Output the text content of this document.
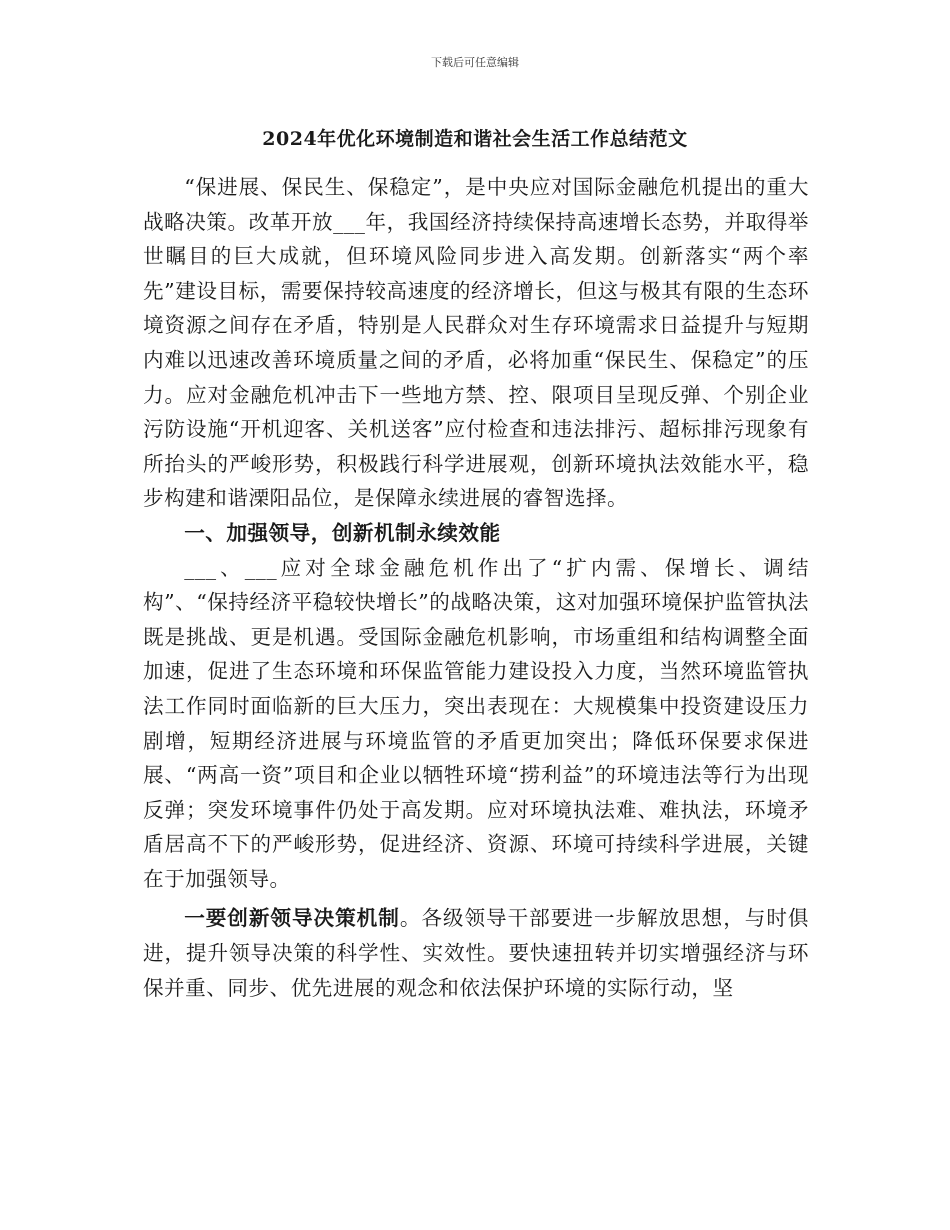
下载后可任意编辑
2024年优化环境制造和谐社会生活工作总结范文

“保进展、保民生、保稳定”，是中央应对国际金融危机提出的重大战略决策。改革开放___年，我国经济持续保持高速增长态势，并取得举世瞩目的巨大成就，但环境风险同步进入高发期。创新落实“两个率先”建设目标，需要保持较高速度的经济增长，但这与极其有限的生态环境资源之间存在矛盾，特别是人民群众对生存环境需求日益提升与短期内难以迅速改善环境质量之间的矛盾，必将加重“保民生、保稳定”的压力。应对金融危机冲击下一些地方禁、控、限项目呈现反弹、个别企业污防设施“开机迎客、关机送客”应付检查和违法排污、超标排污现象有所抬头的严峻形势，积极践行科学进展观，创新环境执法效能水平，稳步构建和谐溧阳品位，是保障永续进展的睿智选择。

一、加强领导，创新机制永续效能

___、___应对全球金融危机作出了“扩内需、保增长、调结构”、“保持经济平稳较快增长”的战略决策，这对加强环境保护监管执法既是挑战、更是机遇。受国际金融危机影响，市场重组和结构调整全面加速，促进了生态环境和环保监管能力建设投入力度，当然环境监管执法工作同时面临新的巨大压力，突出表现在：大规模集中投资建设压力剧增，短期经济进展与环境监管的矛盾更加突出；降低环保要求保进展、“两高一资”项目和企业以牺牲环境“捞利益”的环境违法等行为出现反弹；突发环境事件仍处于高发期。应对环境执法难、难执法，环境矛盾居高不下的严峻形势，促进经济、资源、环境可持续科学进展，关键在于加强领导。

一要创新领导决策机制。各级领导干部要进一步解放思想，与时俱进，提升领导决策的科学性、实效性。要快速扭转并切实增强经济与环保并重、同步、优先进展的观念和依法保护环境的实际行动，坚
